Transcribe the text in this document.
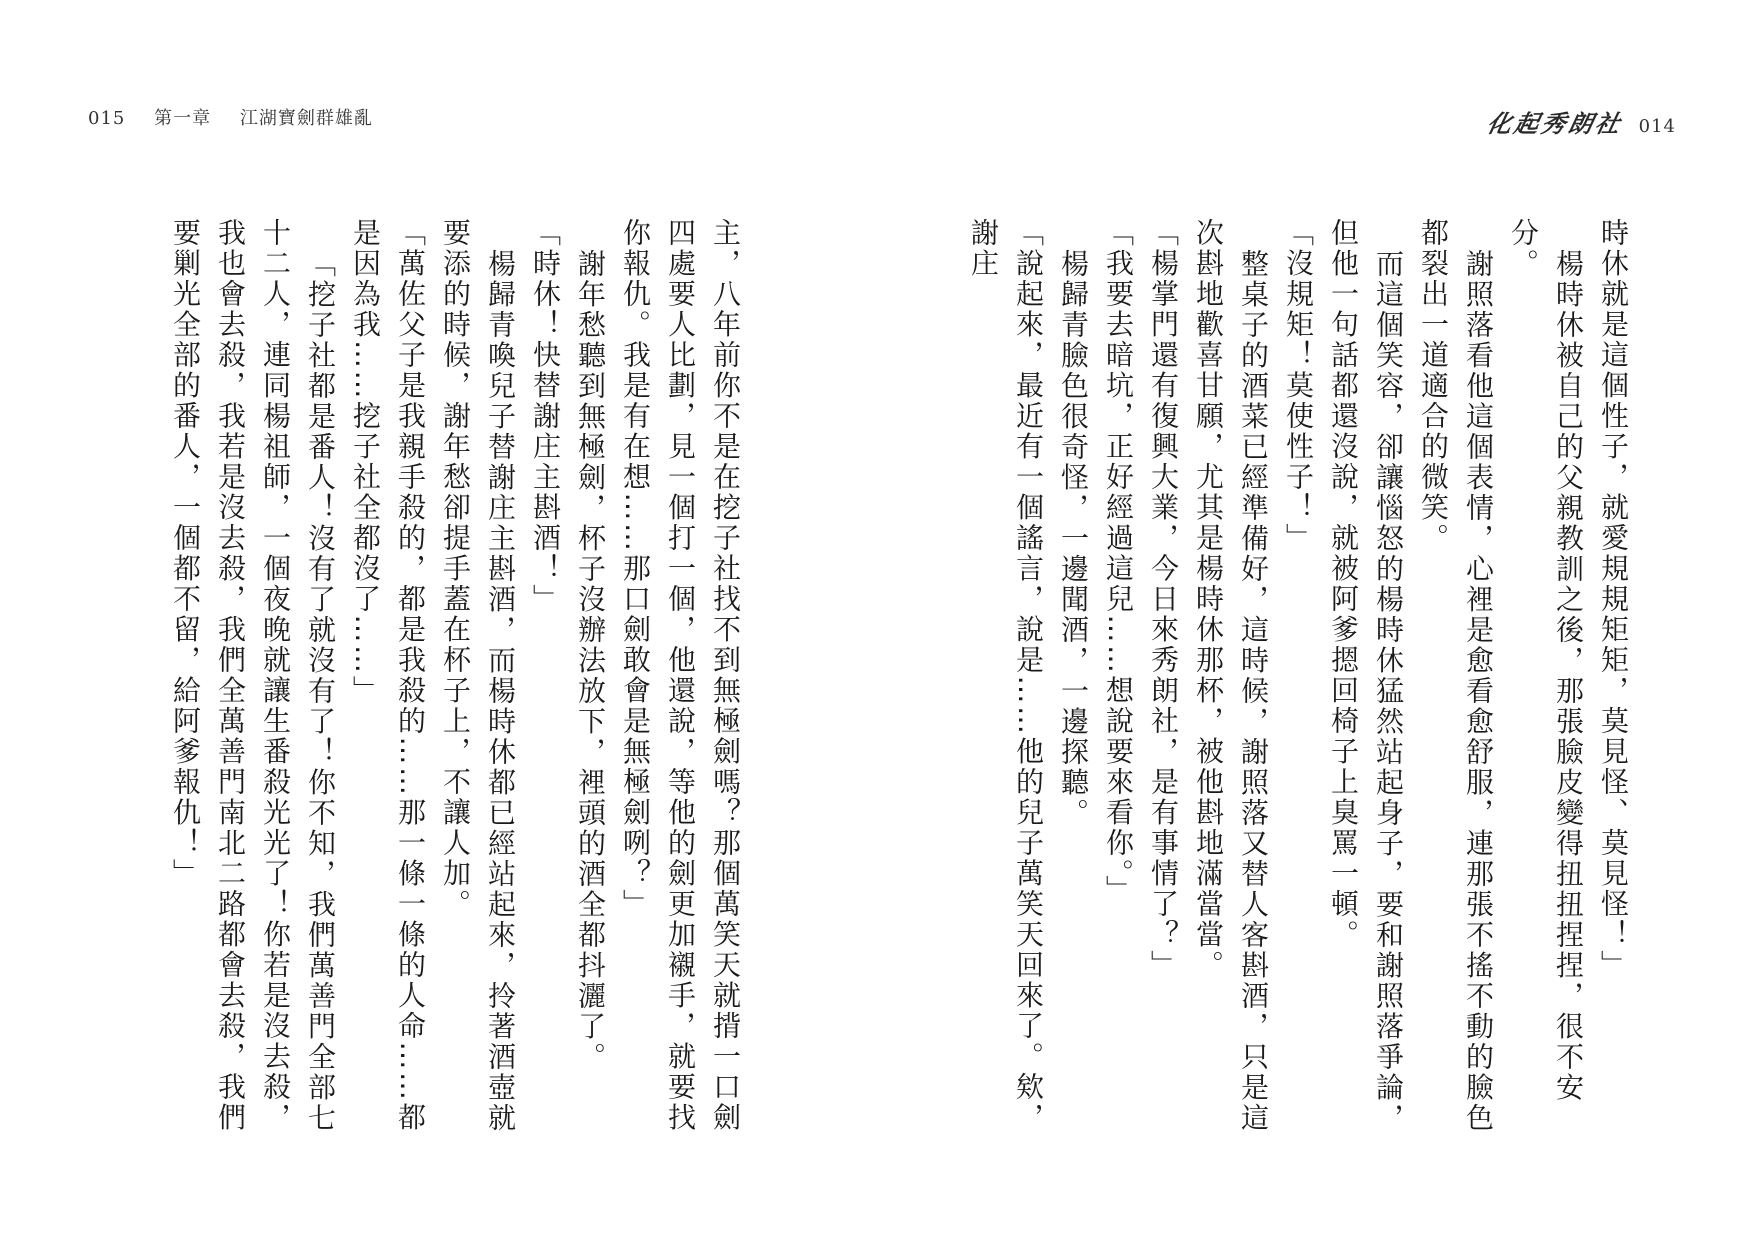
015 第一章 江湖寶劍群雄亂	化起秀朗社 014

時休就是這個性子，就愛規規矩矩，莫見怪、莫見怪！」

楊時休被自己的父親教訓之後，那張臉皮變得扭扭捏捏，很不安分。

謝照落看他這個表情，心裡是愈看愈舒服，連那張不搖不動的臉色都裂出一道適合的微笑。

而這個笑容，卻讓惱怒的楊時休猛然站起身子，要和謝照落爭論，但他一句話都還沒說，就被阿爹摁回椅子上臭罵一頓。

「沒規矩！莫使性子！」

整桌子的酒菜已經準備好，這時候，謝照落又替人客斟酒，只是這次斟地歡喜甘願，尤其是楊時休那杯，被他斟地滿當當。

「楊掌門還有復興大業，今日來秀朗社，是有事情了？」

「我要去暗坑，正好經過這兒……想說要來看你。」

楊歸青臉色很奇怪，一邊聞酒，一邊探聽。

「說起來，最近有一個謠言，說是……他的兒子萬笑天回來了。欸，謝庄

主，八年前你不是在挖子社找不到無極劍嗎？那個萬笑天就揹一口劍四處要人比劃，見一個打一個，他還說，等他的劍更加襯手，就要找你報仇。我是有在想……那口劍敢會是無極劍咧？」

謝年愁聽到無極劍，杯子沒辦法放下，裡頭的酒全都抖灑了。

「時休！快替謝庄主斟酒！」

楊歸青喚兒子替謝庄主斟酒，而楊時休都已經站起來，拎著酒壺就要添的時候，謝年愁卻提手蓋在杯子上，不讓人加。

「萬佐父子是我親手殺的，都是我殺的……那一條一條的人命……都是因為我……挖子社全都沒了……」

「挖子社都是番人！沒有了就沒有了！你不知，我們萬善門全部七十二人，連同楊祖師，一個夜晚就讓生番殺光光了！你若是沒去殺，我也會去殺，我若是沒去殺，我們全萬善門南北二路都會去殺，我們要剿光全部的番人，一個都不留，給阿爹報仇！」
